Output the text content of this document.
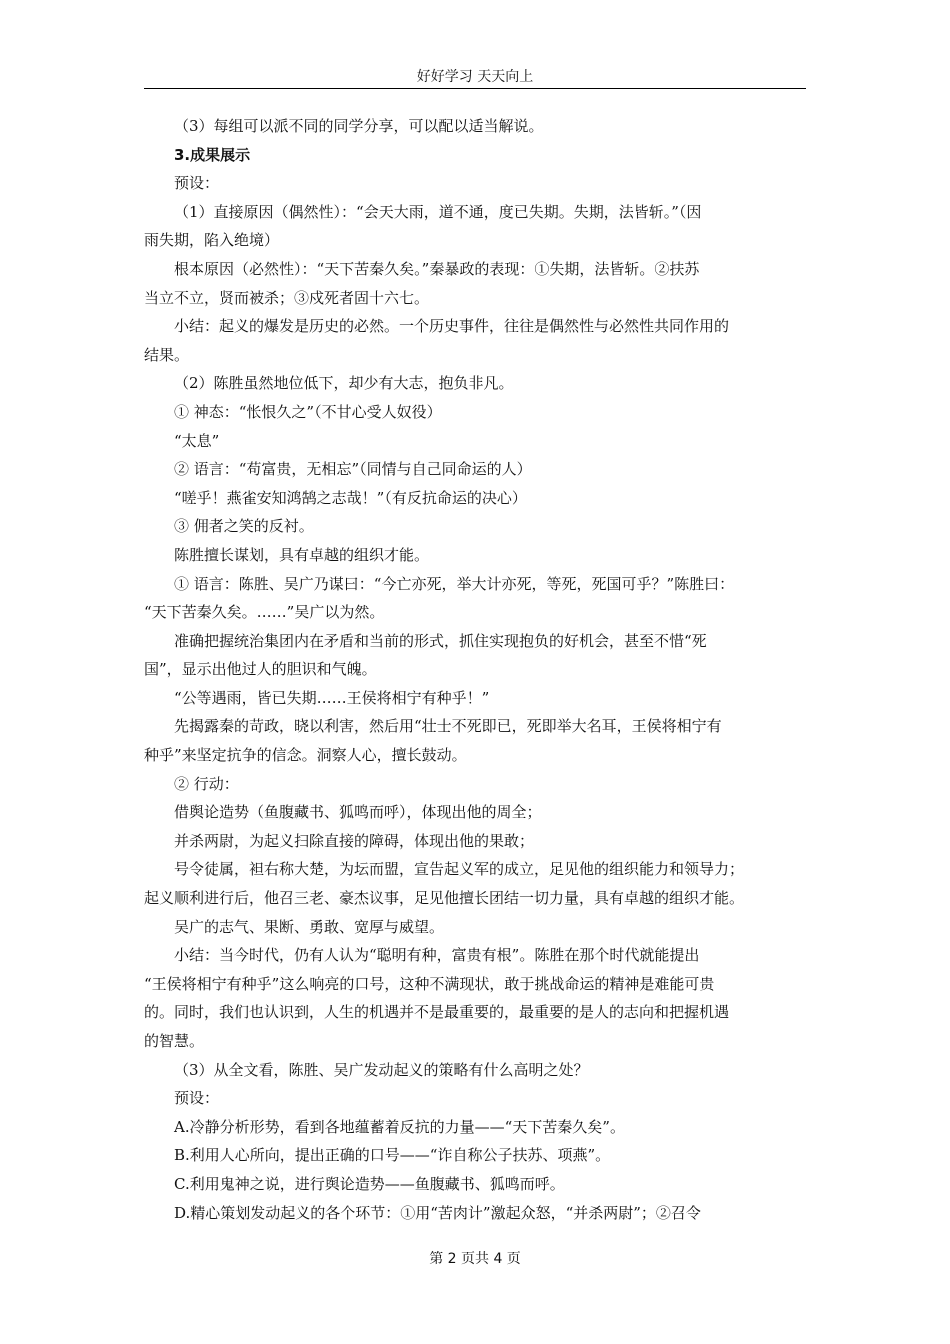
好好学习 天天向上
（3）每组可以派不同的同学分享，可以配以适当解说。
3.成果展示
预设：
（1）直接原因（偶然性）：“会天大雨，道不通，度已失期。失期，法皆斩。”（因
雨失期，陷入绝境）
根本原因（必然性）：“天下苦秦久矣。”秦暴政的表现：①失期，法皆斩。②扶苏
当立不立，贤而被杀；③戍死者固十六七。
小结：起义的爆发是历史的必然。一个历史事件，往往是偶然性与必然性共同作用的
结果。
（2）陈胜虽然地位低下，却少有大志，抱负非凡。
① 神态：“怅恨久之”（不甘心受人奴役）
“太息”
② 语言：“苟富贵，无相忘”（同情与自己同命运的人）
“嗟乎！燕雀安知鸿鹄之志哉！”（有反抗命运的决心）
③ 佣者之笑的反衬。
陈胜擅长谋划，具有卓越的组织才能。
① 语言：陈胜、吴广乃谋曰：“今亡亦死，举大计亦死，等死，死国可乎？”陈胜曰：
“天下苦秦久矣。……”吴广以为然。
准确把握统治集团内在矛盾和当前的形式，抓住实现抱负的好机会，甚至不惜“死
国”，显示出他过人的胆识和气魄。
“公等遇雨，皆已失期……王侯将相宁有种乎！”
先揭露秦的苛政，晓以利害，然后用“壮士不死即已，死即举大名耳，王侯将相宁有
种乎”来坚定抗争的信念。洞察人心，擅长鼓动。
② 行动：
借舆论造势（鱼腹藏书、狐鸣而呼），体现出他的周全；
并杀两尉，为起义扫除直接的障碍，体现出他的果敢；
号令徒属，袒右称大楚，为坛而盟，宣告起义军的成立，足见他的组织能力和领导力；
起义顺利进行后，他召三老、豪杰议事，足见他擅长团结一切力量，具有卓越的组织才能。
吴广的志气、果断、勇敢、宽厚与威望。
小结：当今时代，仍有人认为“聪明有种，富贵有根”。陈胜在那个时代就能提出
“王侯将相宁有种乎”这么响亮的口号，这种不满现状，敢于挑战命运的精神是难能可贵
的。同时，我们也认识到，人生的机遇并不是最重要的，最重要的是人的志向和把握机遇
的智慧。
（3）从全文看，陈胜、吴广发动起义的策略有什么高明之处？
预设：
A.冷静分析形势，看到各地蕴蓄着反抗的力量——“天下苦秦久矣”。
B.利用人心所向，提出正确的口号——“诈自称公子扶苏、项燕”。
C.利用鬼神之说，进行舆论造势——鱼腹藏书、狐鸣而呼。
D.精心策划发动起义的各个环节：①用“苦肉计”激起众怒，“并杀两尉”；②召令
第 2 页共 4 页
